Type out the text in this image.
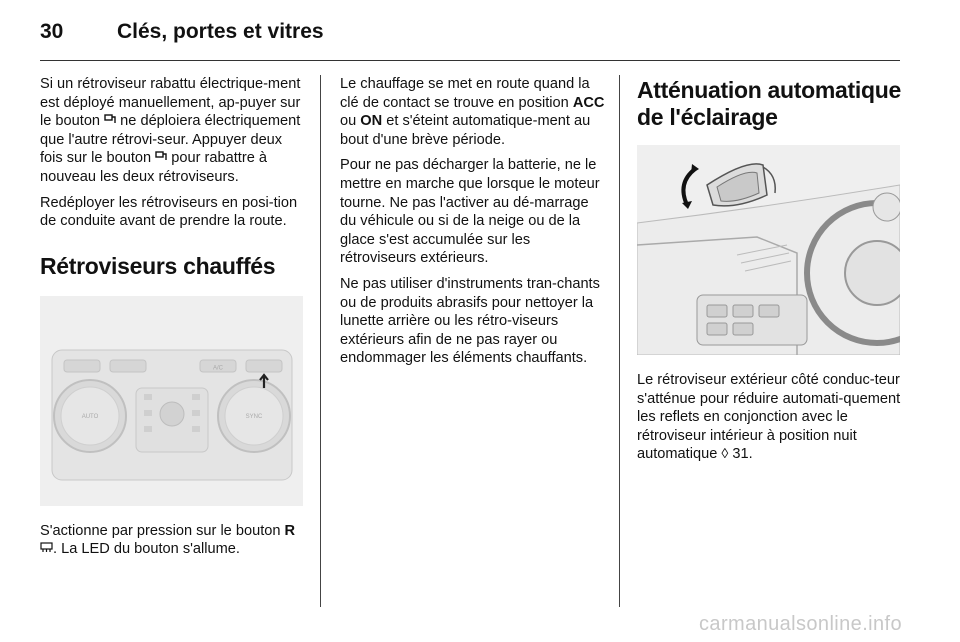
30	Clés, portes et vitres

Si un rétroviseur rabattu électrique-ment est déployé manuellement, ap-puyer sur le bouton  ne déploiera électriquement que l'autre rétrovi-seur. Appuyer deux fois sur le bouton  pour rabattre à nouveau les deux rétroviseurs.

Redéployer les rétroviseurs en posi-tion de conduite avant de prendre la route.

Rétroviseurs chauffés
A/C
AUTO	SYNC

S'actionne par pression sur le bouton R. La LED du bouton s'allume.

Le chauffage se met en route quand la clé de contact se trouve en position ACC ou ON et s'éteint automatique-ment au bout d'une brève période.

Pour ne pas décharger la batterie, ne le mettre en marche que lorsque le moteur tourne. Ne pas l'activer au dé-marrage du véhicule ou si de la neige ou de la glace s'est accumulée sur les rétroviseurs extérieurs.

Ne pas utiliser d'instruments tran-chants ou de produits abrasifs pour nettoyer la lunette arrière ou les rétro-viseurs extérieurs afin de ne pas rayer ou endommager les éléments chauffants.

Atténuation automatique de l'éclairage

Le rétroviseur extérieur côté conduc-teur s'atténue pour réduire automati-quement les reflets en conjonction avec le rétroviseur intérieur à position nuit automatique ◊ 31.

carmanualsonline.info
